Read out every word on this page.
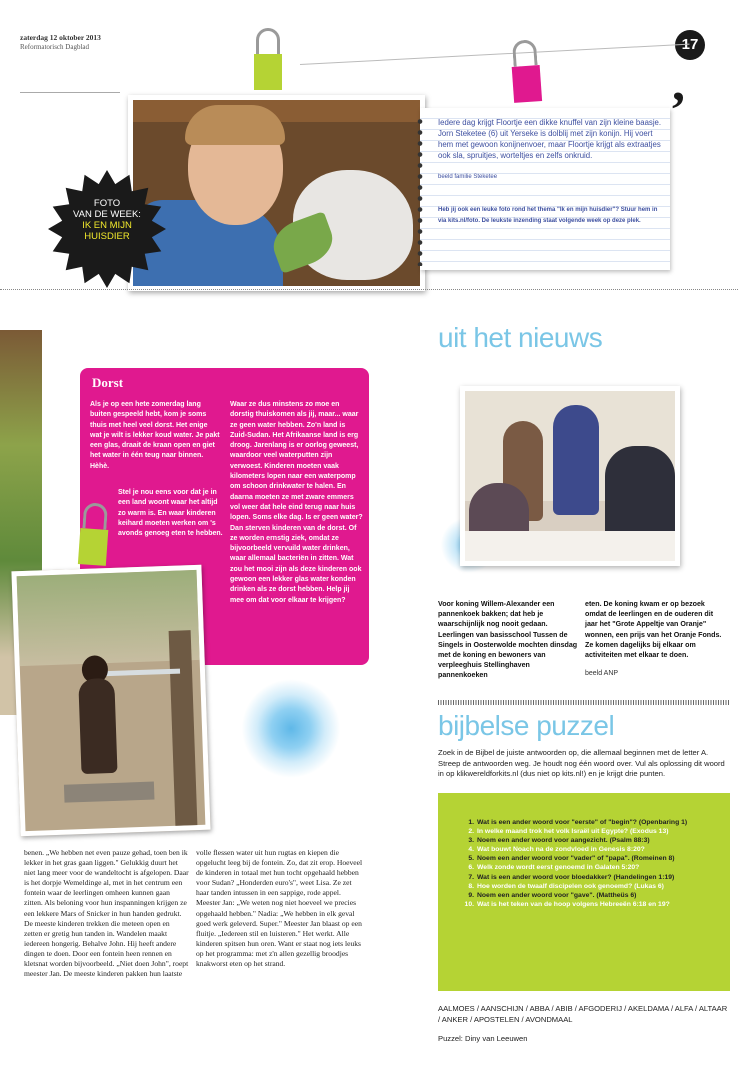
zaterdag 12 oktober 2013
Reformatorisch Dagblad	17
,
FOTO
VAN DE WEEK:
IK EN MIJN
HUISDIER
Iedere dag krijgt Floortje een dikke knuffel van zijn kleine baasje. Jorn Steketee (6) uit Yerseke is dolblij met zijn konijn. Hij voert hem met gewoon konijnenvoer, maar Floortje krijgt als extraatjes ook sla, spruitjes, worteltjes en zelfs onkruid.
beeld familie Steketee
Heb jij ook een leuke foto rond het thema "Ik en mijn huisdier"? Stuur hem in via kits.nl/foto. De leukste inzending staat volgende week op deze plek.
Dorst
Als je op een hete zomerdag lang buiten gespeeld hebt, kom je soms thuis met heel veel dorst. Het enige wat je wilt is lekker koud water. Je pakt een glas, draait de kraan open en giet het water in één teug naar binnen. Hèhè.
Stel je nou eens voor dat je in een land woont waar het altijd zo warm is. En waar kinderen keihard moeten werken om 's avonds genoeg eten te hebben.
Waar ze dus minstens zo moe en dorstig thuiskomen als jij, maar... waar ze geen water hebben. Zo'n land is Zuid-Sudan. Het Afrikaanse land is erg droog. Jarenlang is er oorlog geweest, waardoor veel waterputten zijn verwoest. Kinderen moeten vaak kilometers lopen naar een waterpomp om schoon drinkwater te halen. En daarna moeten ze met zware emmers vol weer dat hele eind terug naar huis lopen. Soms elke dag. Is er geen water? Dan sterven kinderen van de dorst. Of ze worden ernstig ziek, omdat ze bijvoorbeeld vervuild water drinken, waar allemaal bacteriën in zitten. Wat zou het mooi zijn als deze kinderen ook gewoon een lekker glas water konden drinken als ze dorst hebben. Help jij mee om dat voor elkaar te krijgen?
benen. „We hebben net even pauze gehad, toen ben ik lekker in het gras gaan liggen." Gelukkig duurt het niet lang meer voor de wandeltocht is afgelopen. Daar is het dorpje Wemeldinge al, met in het centrum een fontein waar de leerlingen omheen kunnen gaan zitten. Als beloning voor hun inspanningen krijgen ze een lekkere Mars of Snicker in hun handen gedrukt. De meeste kinderen trekken die meteen open en zetten er gretig hun tanden in. Wandelen maakt iedereen hongerig. Behalve John. Hij heeft andere dingen te doen. Door een fontein heen rennen en kletsnat worden bijvoorbeeld. „Niet doen John", roept meester Jan. De meeste kinderen pakken hun laatste
volle flessen water uit hun rugtas en kiepen die opgelucht leeg bij de fontein. Zo, dat zit erop. Hoeveel de kinderen in totaal met hun tocht opgehaald hebben voor Sudan? „Honderden euro's", weet Lisa. Ze zet haar tanden intussen in een sappige, rode appel. Meester Jan: „We weten nog niet hoeveel we precies opgehaald hebben." Nadia: „We hebben in elk geval goed werk geleverd. Super." Meester Jan blaast op een fluitje. „Iedereen stil en luisteren." Het werkt. Alle kinderen spitsen hun oren. Want er staat nog iets leuks op het programma: met z'n allen gezellig broodjes knakworst eten op het strand.
uit het nieuws
Voor koning Willem-Alexander een pannenkoek bakken; dat heb je waarschijnlijk nog nooit gedaan. Leerlingen van basisschool Tussen de Singels in Oosterwolde mochten dinsdag met de koning en bewoners van verpleeghuis Stellinghaven pannenkoeken
eten. De koning kwam er op bezoek omdat de leerlingen en de ouderen dit jaar het "Grote Appeltje van Oranje" wonnen, een prijs van het Oranje Fonds. Ze komen dagelijks bij elkaar om activiteiten met elkaar te doen.
beeld ANP
bijbelse puzzel
Zoek in de Bijbel de juiste antwoorden op, die allemaal beginnen met de letter A. Streep de antwoorden weg. Je houdt nog één woord over. Vul als oplossing dit woord in op klikwereldforkits.nl (dus niet op kits.nl!) en je krijgt drie punten.
1. Wat is een ander woord voor "eerste" of "begin"? (Openbaring 1)
2. In welke maand trok het volk Israël uit Egypte? (Exodus 13)
3. Noem een ander woord voor aangezicht. (Psalm 88:3)
4. Wat bouwt Noach na de zondvloed in Genesis 8:20?
5. Noem een ander woord voor "vader" of "papa". (Romeinen 8)
6. Welk zonde wordt eerst genoemd in Galaten 5:20?
7. Wat is een ander woord voor bloedakker? (Handelingen 1:19)
8. Hoe worden de twaalf discipelen ook genoemd? (Lukas 6)
9. Noem een ander woord voor "gave". (Mattheüs 6)
10. Wat is het teken van de hoop volgens Hebreeën 6:18 en 19?
AALMOES / AANSCHIJN / ABBA / ABIB / AFGODERIJ / AKELDAMA / ALFA / ALTAAR / ANKER / APOSTELEN / AVONDMAAL
Puzzel: Diny van Leeuwen
